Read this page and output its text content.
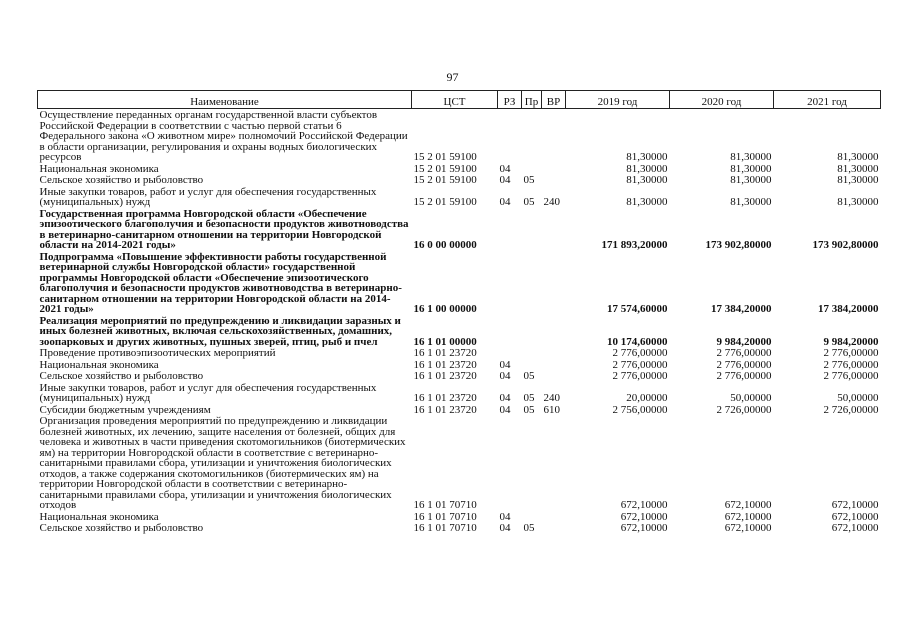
97
Наименование	ЦСТ	РЗ	Пр	ВР	2019 год	2020 год	2021 год
Осуществление переданных органам государственной власти субъектов Российской Федерации в соответствии с частью первой статьи 6 Федерального закона «О животном мире» полномочий Российской Федерации в области организации, регулирования и охраны водных биологических ресурсов	15 2 01 59100				81,30000	81,30000	81,30000
Национальная экономика	15 2 01 59100	04			81,30000	81,30000	81,30000
Сельское хозяйство и рыболовство	15 2 01 59100	04	05		81,30000	81,30000	81,30000
Иные закупки товаров, работ и услуг для обеспечения государственных (муниципальных) нужд	15 2 01 59100	04	05	240	81,30000	81,30000	81,30000
Государственная программа Новгородской области «Обеспечение эпизоотического благополучия и безопасности продуктов животноводства в ветеринарно-санитарном отношении на территории Новгородской области на 2014-2021 годы»	16 0 00 00000				171 893,20000	173 902,80000	173 902,80000
Подпрограмма «Повышение эффективности работы государственной ветеринарной службы Новгородской области» государственной программы Новгородской области «Обеспечение эпизоотического благополучия и безопасности продуктов животноводства в ветеринарно-санитарном отношении на территории Новгородской области на 2014-2021 годы»	16 1 00 00000				17 574,60000	17 384,20000	17 384,20000
Реализация мероприятий по предупреждению и ликвидации заразных и иных болезней животных, включая сельскохозяйственных, домашних, зоопарковых и других животных, пушных зверей, птиц, рыб и пчел	16 1 01 00000				10 174,60000	9 984,20000	9 984,20000
Проведение противоэпизоотических мероприятий	16 1 01 23720				2 776,00000	2 776,00000	2 776,00000
Национальная экономика	16 1 01 23720	04			2 776,00000	2 776,00000	2 776,00000
Сельское хозяйство и рыболовство	16 1 01 23720	04	05		2 776,00000	2 776,00000	2 776,00000
Иные закупки товаров, работ и услуг для обеспечения государственных (муниципальных) нужд	16 1 01 23720	04	05	240	20,00000	50,00000	50,00000
Субсидии бюджетным учреждениям	16 1 01 23720	04	05	610	2 756,00000	2 726,00000	2 726,00000
Организация проведения мероприятий по предупреждению и ликвидации болезней животных, их лечению, защите населения от болезней, общих для человека и животных в части приведения скотомогильников (биотермических ям) на территории Новгородской области в соответствие с ветеринарно-санитарными правилами сбора, утилизации и уничтожения биологических отходов, а также содержания скотомогильников (биотермических ям) на территории Новгородской области в соответствии с ветеринарно-санитарными правилами сбора, утилизации и уничтожения биологических отходов	16 1 01 70710				672,10000	672,10000	672,10000
Национальная экономика	16 1 01 70710	04			672,10000	672,10000	672,10000
Сельское хозяйство и рыболовство	16 1 01 70710	04	05		672,10000	672,10000	672,10000
